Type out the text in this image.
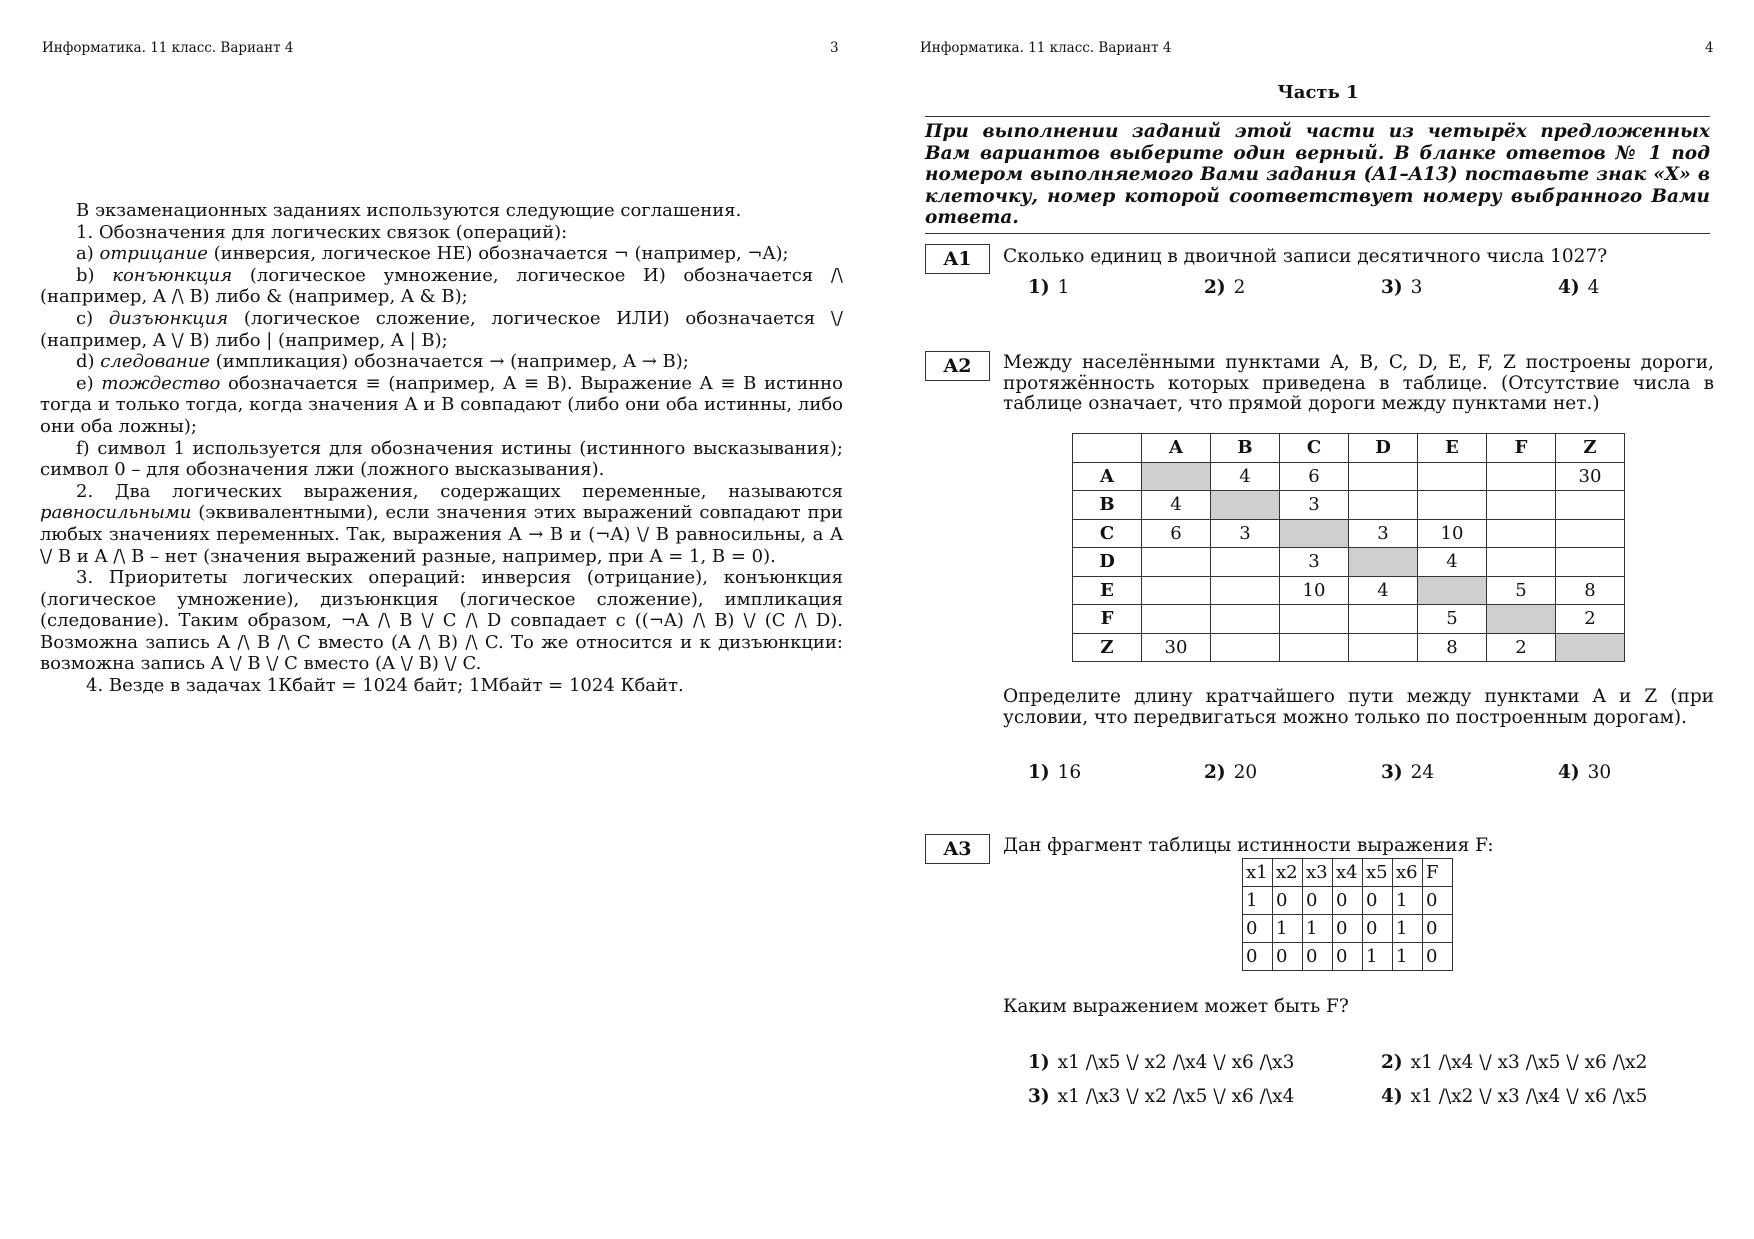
Информатика. 11 класс. Вариант 4	3

В экзаменационных заданиях используются следующие соглашения.

1. Обозначения для логических связок (операций):

a) отрицание (инверсия, логическое НЕ) обозначается ¬ (например, ¬A);

b) конъюнкция (логическое умножение, логическое И) обозначается /\ (например, A /\ B) либо & (например, A & B);

c) дизъюнкция (логическое сложение, логическое ИЛИ) обозначается \/ (например, A \/ B) либо | (например, A | B);

d) следование (импликация) обозначается → (например, A → B);

e) тождество обозначается ≡ (например, A ≡ B). Выражение A ≡ B истинно тогда и только тогда, когда значения A и B совпадают (либо они оба истинны, либо они оба ложны);

f) символ 1 используется для обозначения истины (истинного высказывания); символ 0 – для обозначения лжи (ложного высказывания).

2. Два логических выражения, содержащих переменные, называются равносильными (эквивалентными), если значения этих выражений совпадают при любых значениях переменных. Так, выражения A → B и (¬A) \/ B равносильны, а A \/ B и A /\ B – нет (значения выражений разные, например, при A = 1, B = 0).

3. Приоритеты логических операций: инверсия (отрицание), конъюнкция (логическое умножение), дизъюнкция (логическое сложение), импликация (следование). Таким образом, ¬A /\ B \/ C /\ D совпадает с ((¬A) /\ B) \/ (C /\ D). Возможна запись A /\ B /\ C вместо (A /\ B) /\ C. То же относится и к дизъюнкции: возможна запись A \/ B \/ C вместо (A \/ B) \/ C.

4. Везде в задачах 1Кбайт = 1024 байт; 1Мбайт = 1024 Кбайт.

Информатика. 11 класс. Вариант 4	4
Часть 1
При выполнении заданий этой части из четырёх предложенных Вам вариантов выберите один верный. В бланке ответов № 1 под номером выполняемого Вами задания (A1–A13) поставьте знак «X» в клеточку, номер которой соответствует номеру выбранного Вами ответа.
A1	Сколько единиц в двоичной записи десятичного числа 1027?
1) 1	2) 2	3) 3	4) 4
A2	Между населёнными пунктами A, B, C, D, E, F, Z построены дороги, протяжённость которых приведена в таблице. (Отсутствие числа в таблице означает, что прямой дороги между пунктами нет.)
	A	B	C	D	E	F	Z
A		4	6				30
B	4		3				
C	6	3		3	10		
D			3		4		
E			10	4		5	8
F					5		2
Z	30				8	2	
Определите длину кратчайшего пути между пунктами A и Z (при условии, что передвигаться можно только по построенным дорогам).
1) 16	2) 20	3) 24	4) 30
A3	Дан фрагмент таблицы истинности выражения F:
x1	x2	x3	x4	x5	x6	F
1	0	0	0	0	1	0
0	1	1	0	0	1	0
0	0	0	0	1	1	0
Каким выражением может быть F?
1) x1 /\x5 \/ x2 /\x4 \/ x6 /\x3	2) x1 /\x4 \/ x3 /\x5 \/ x6 /\x2
3) x1 /\x3 \/ x2 /\x5 \/ x6 /\x4	4) x1 /\x2 \/ x3 /\x4 \/ x6 /\x5
